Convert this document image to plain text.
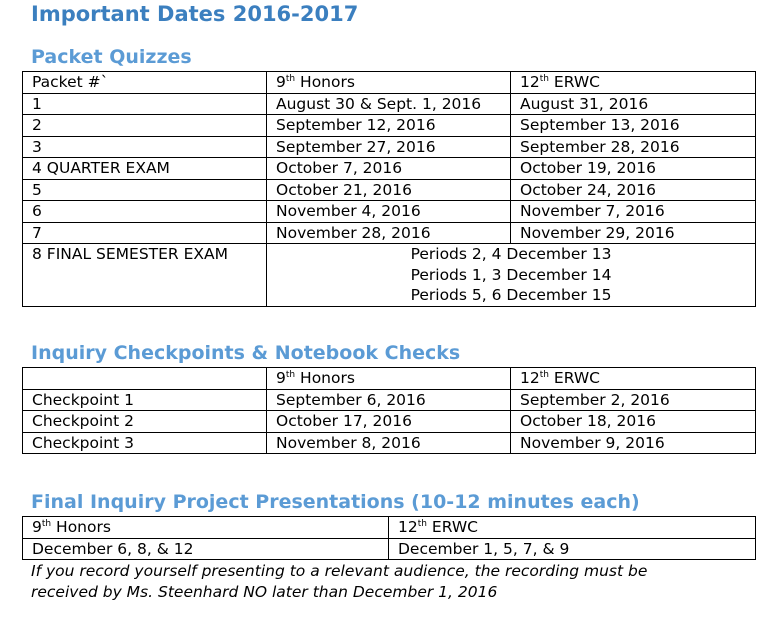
Important Dates 2016-2017
Packet Quizzes
Packet #`	9th Honors	12th ERWC
1	August 30 & Sept. 1, 2016	August 31, 2016
2	September 12, 2016	September 13, 2016
3	September 27, 2016	September 28, 2016
4 QUARTER EXAM	October 7, 2016	October 19, 2016
5	October 21, 2016	October 24, 2016
6	November 4, 2016	November 7, 2016
7	November 28, 2016	November 29, 2016
8 FINAL SEMESTER EXAM	Periods 2, 4 December 13
Periods 1, 3 December 14
Periods 5, 6 December 15	
Inquiry Checkpoints & Notebook Checks
	9th Honors	12th ERWC
Checkpoint 1	September 6, 2016	September 2, 2016
Checkpoint 2	October 17, 2016	October 18, 2016
Checkpoint 3	November 8, 2016	November 9, 2016
Final Inquiry Project Presentations (10-12 minutes each)
9th Honors	12th ERWC
December 6, 8, & 12	December 1, 5, 7, & 9
If you record yourself presenting to a relevant audience, the recording must be
received by Ms. Steenhard NO later than December 1, 2016
